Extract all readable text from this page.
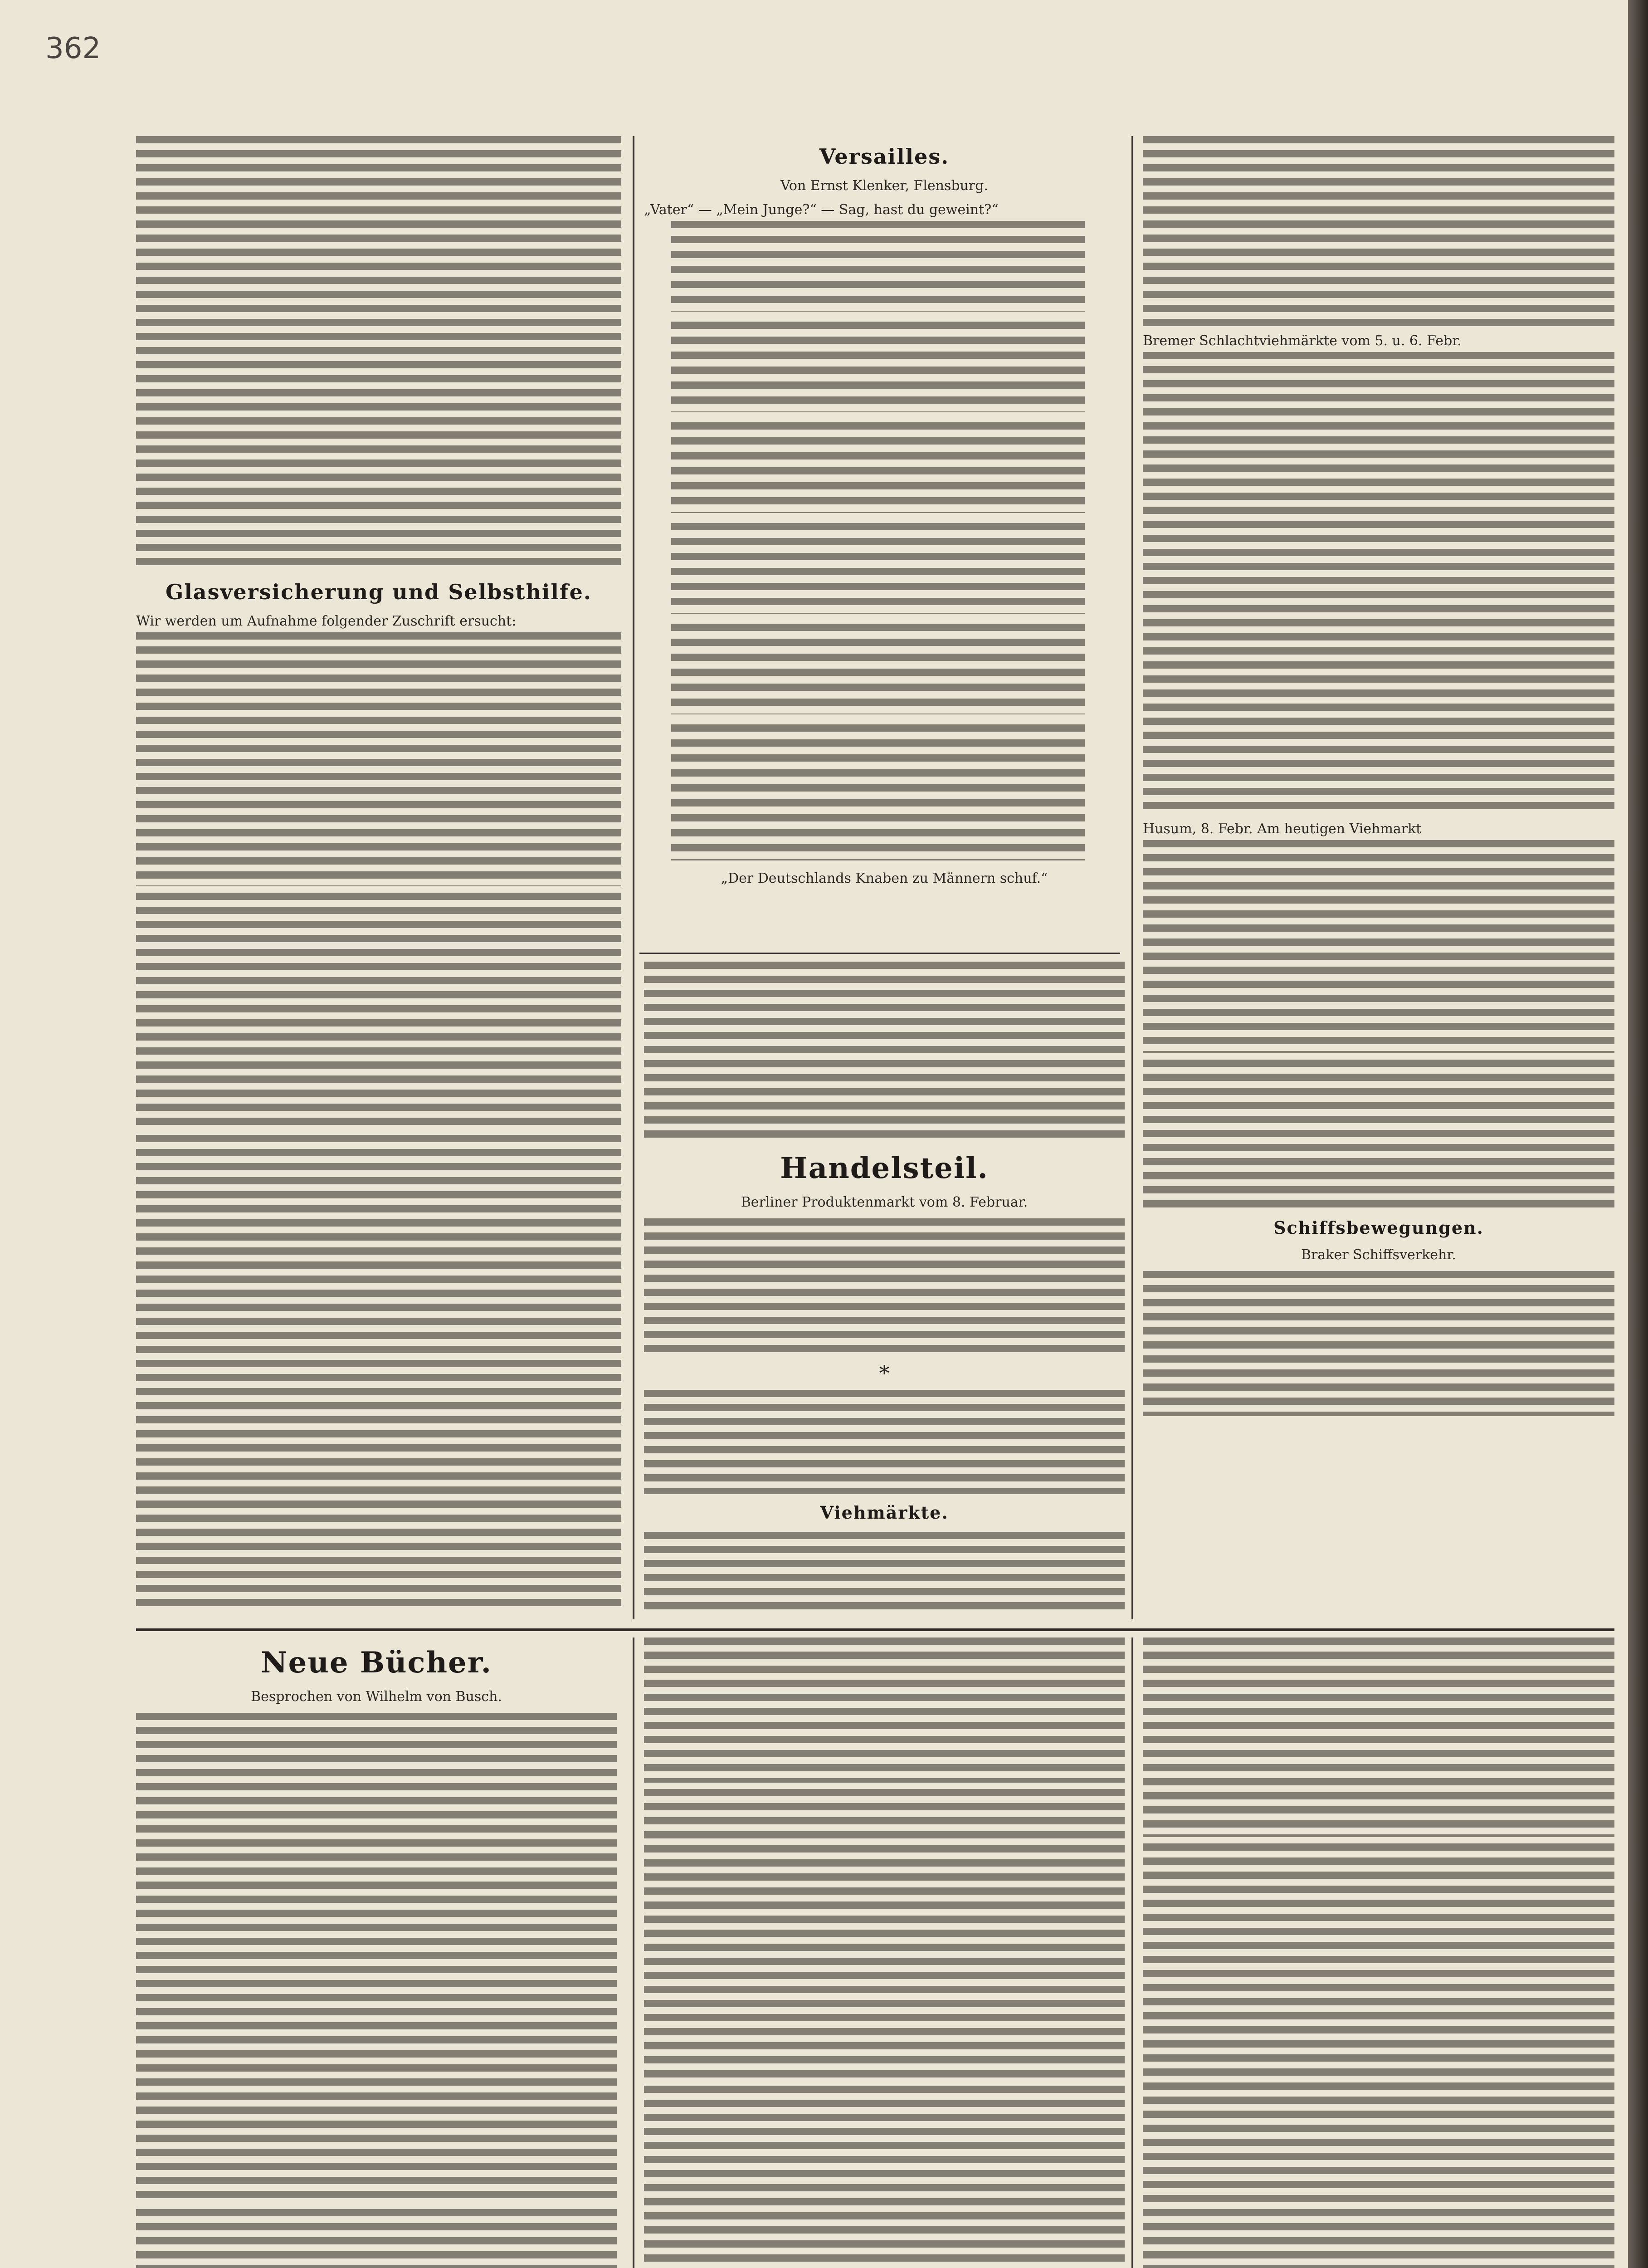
362
Glasversicherung und Selbsthilfe.

Wir werden um Aufnahme folgender Zuschrift ersucht:

Versailles.

Von Ernst Klenker, Flensburg.

„Vater“ — „Mein Junge?“ — Sag, hast du geweint?“

„Der Deutschlands Knaben zu Männern schuf.“

Handelsteil.

Berliner Produktenmarkt vom 8. Februar.

*
Viehmärkte.

Bremer Schlachtviehmärkte vom 5. u. 6. Febr.

Husum, 8. Febr. Am heutigen Viehmarkt

Schiffsbewegungen.

Braker Schiffsverkehr.

Neue Bücher.

Besprochen von Wilhelm von Busch.
